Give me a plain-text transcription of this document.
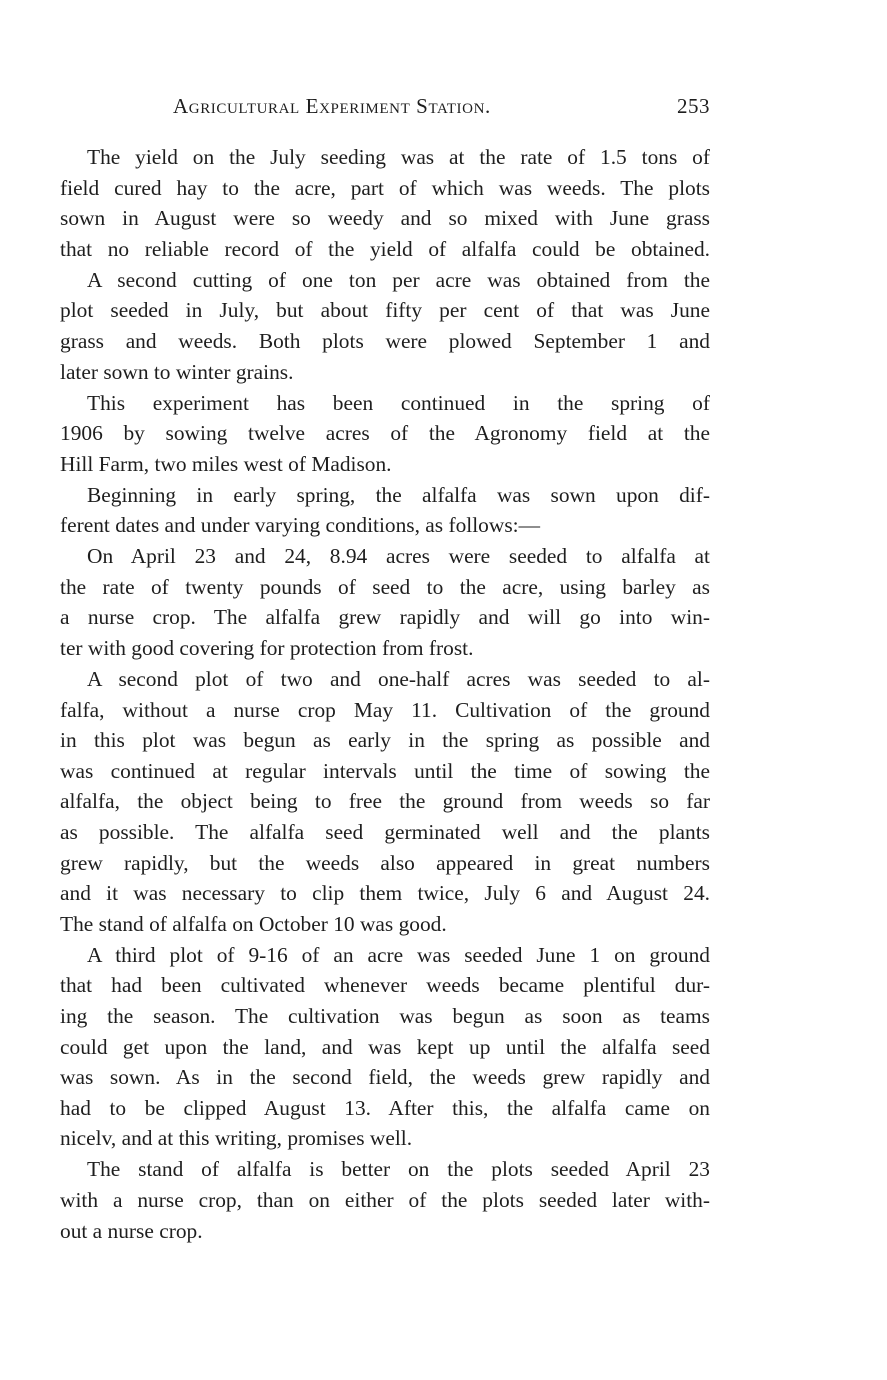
Agricultural Experiment Station.	253
The yield on the July seeding was at the rate of 1.5 tons of
field cured hay to the acre, part of which was weeds. The plots
sown in August were so weedy and so mixed with June grass
that no reliable record of the yield of alfalfa could be obtained.
A second cutting of one ton per acre was obtained from the
plot seeded in July, but about fifty per cent of that was June
grass and weeds. Both plots were plowed September 1 and
later sown to winter grains.
This experiment has been continued in the spring of
1906 by sowing twelve acres of the Agronomy field at the
Hill Farm, two miles west of Madison.
Beginning in early spring, the alfalfa was sown upon dif-
ferent dates and under varying conditions, as follows:—
On April 23 and 24, 8.94 acres were seeded to alfalfa at
the rate of twenty pounds of seed to the acre, using barley as
a nurse crop. The alfalfa grew rapidly and will go into win-
ter with good covering for protection from frost.
A second plot of two and one-half acres was seeded to al-
falfa, without a nurse crop May 11. Cultivation of the ground
in this plot was begun as early in the spring as possible and
was continued at regular intervals until the time of sowing the
alfalfa, the object being to free the ground from weeds so far
as possible. The alfalfa seed germinated well and the plants
grew rapidly, but the weeds also appeared in great numbers
and it was necessary to clip them twice, July 6 and August 24.
The stand of alfalfa on October 10 was good.
A third plot of 9-16 of an acre was seeded June 1 on ground
that had been cultivated whenever weeds became plentiful dur-
ing the season. The cultivation was begun as soon as teams
could get upon the land, and was kept up until the alfalfa seed
was sown. As in the second field, the weeds grew rapidly and
had to be clipped August 13. After this, the alfalfa came on
nicelv, and at this writing, promises well.
The stand of alfalfa is better on the plots seeded April 23
with a nurse crop, than on either of the plots seeded later with-
out a nurse crop.
